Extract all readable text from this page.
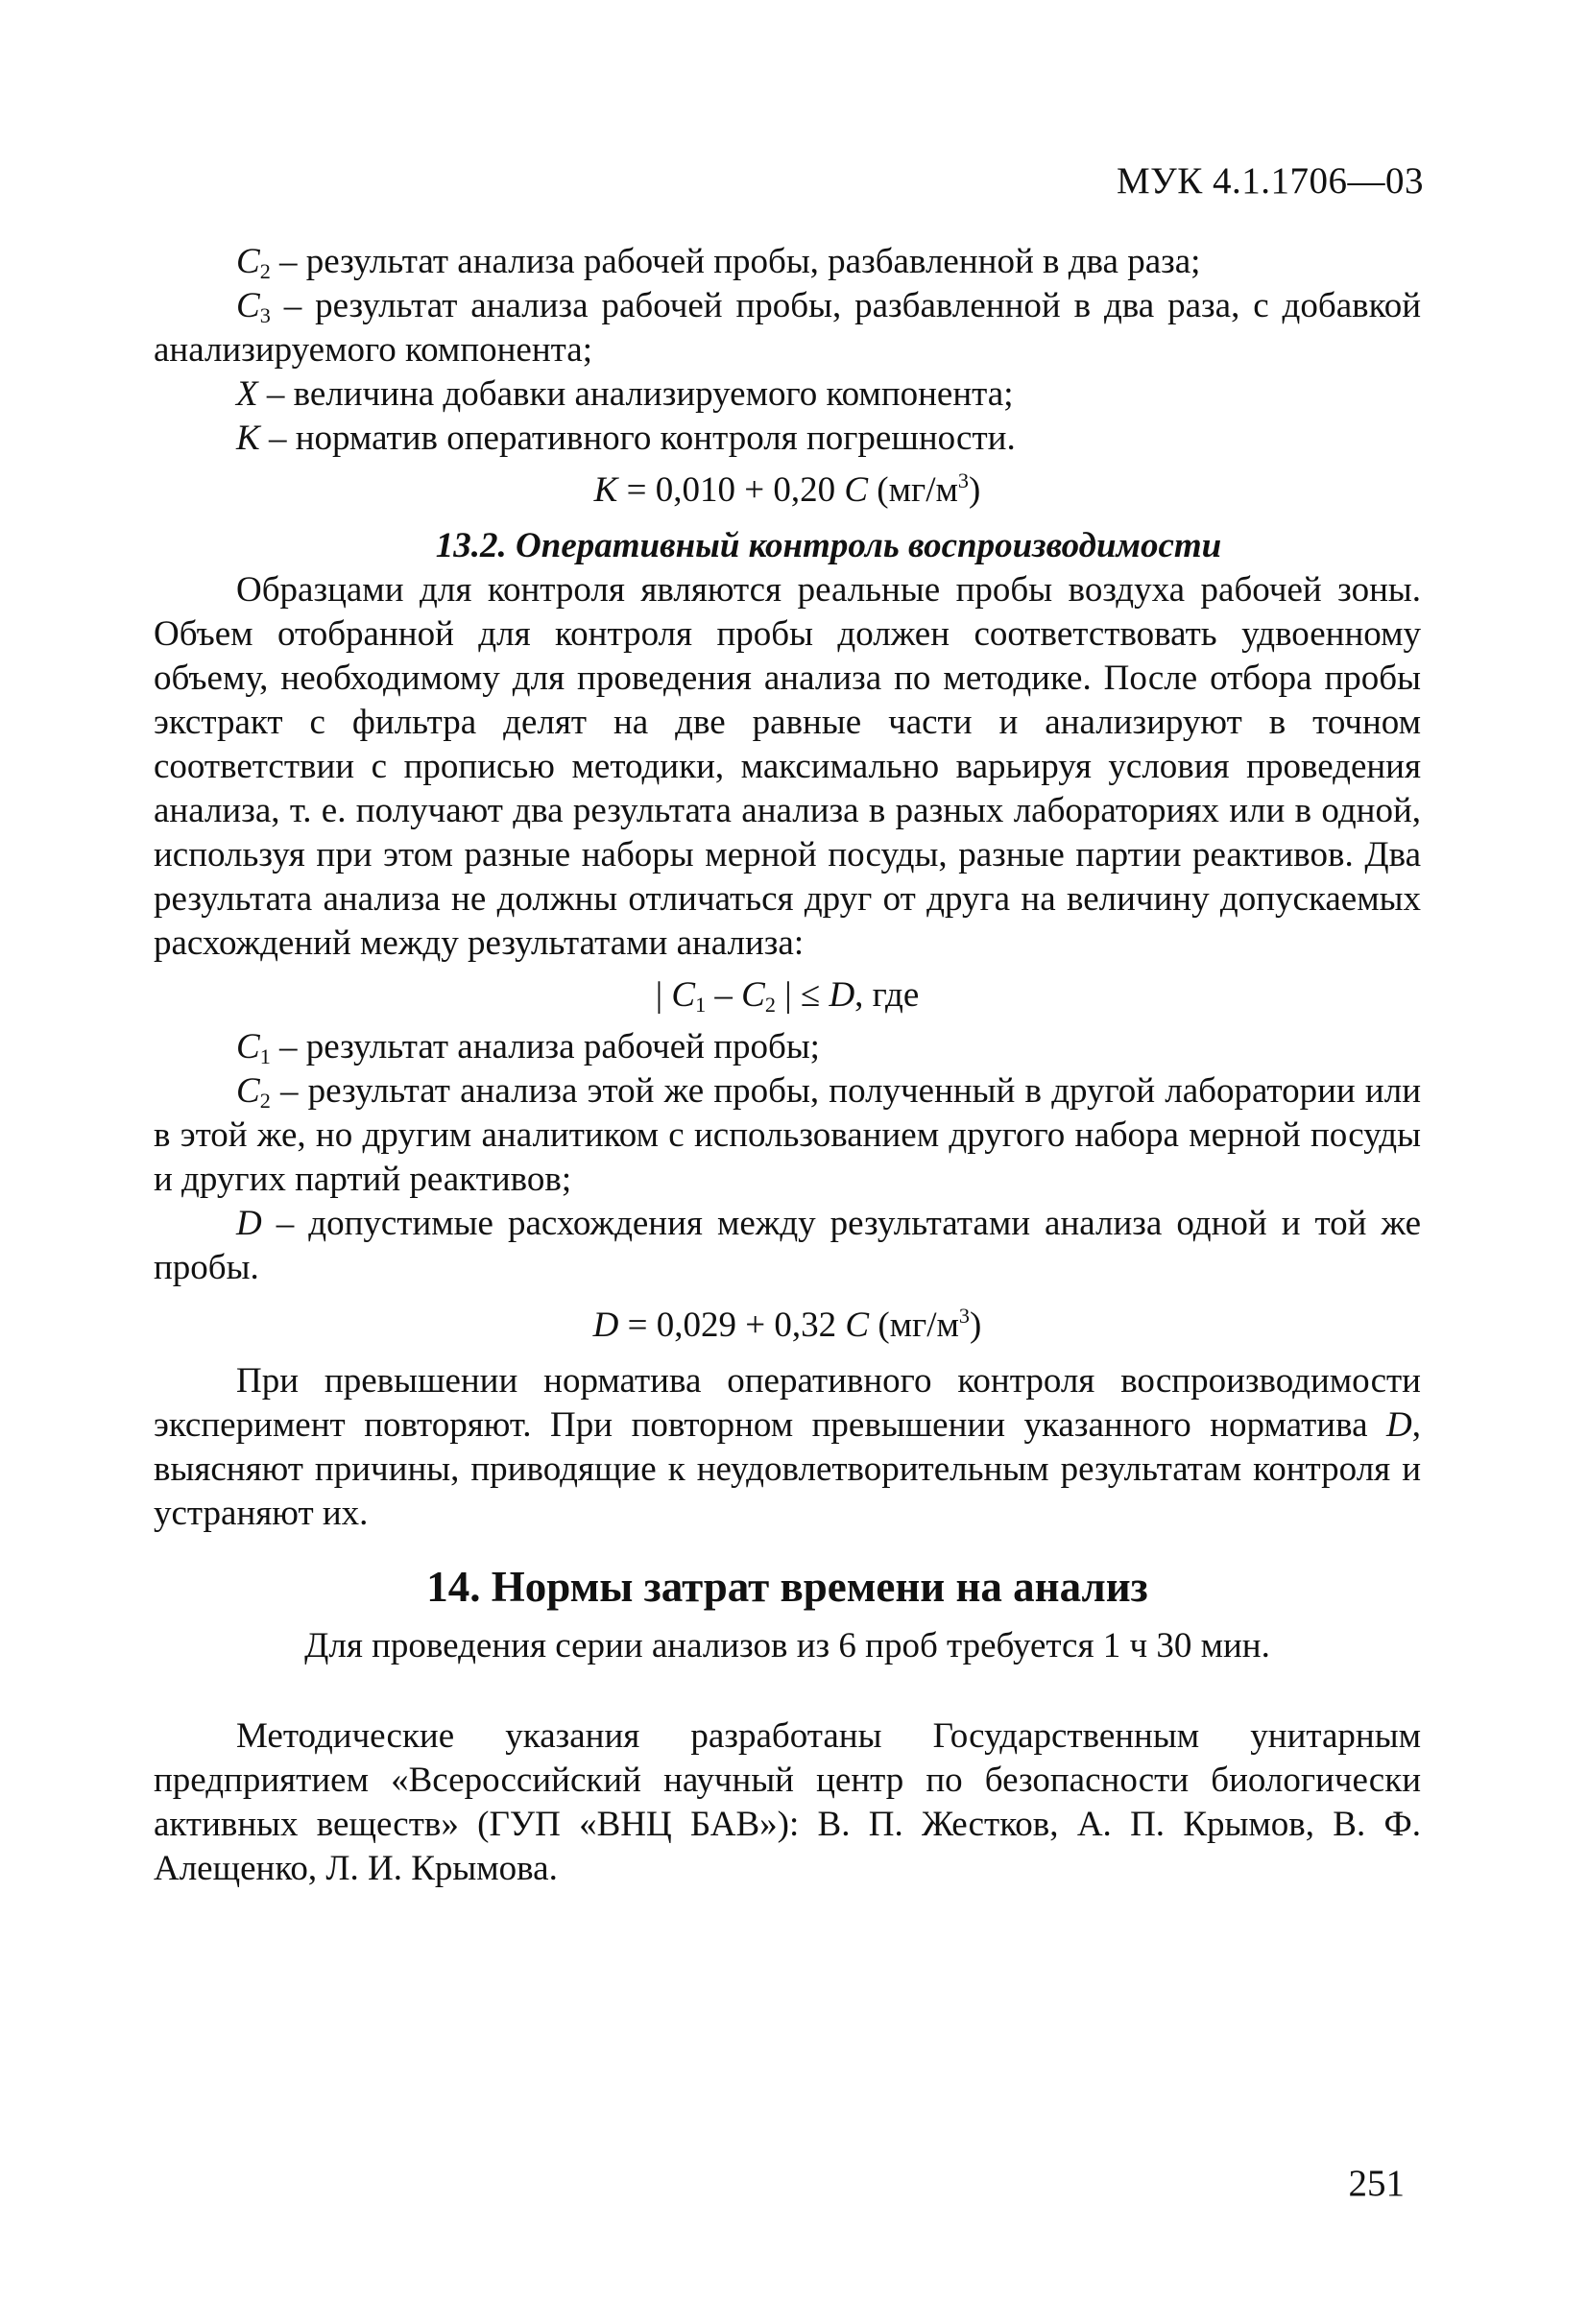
МУК 4.1.1706—03

$C_2$ – результат анализа рабочей пробы, разбавленной в два раза;

$C_3$ – результат анализа рабочей пробы, разбавленной в два раза, с добавкой анализируемого компонента;

X – величина добавки анализируемого компонента;

K – норматив оперативного контроля погрешности.

K = 0,010 + 0,20 C $(мг/м^3)$

13.2. Оперативный контроль воспроизводимости

Образцами для контроля являются реальные пробы воздуха рабочей зоны. Объем отобранной для контроля пробы должен соответствовать удвоенному объему, необходимому для проведения анализа по методике. После отбора пробы экстракт с фильтра делят на две равные части и анализируют в точном соответствии с прописью методики, максимально варьируя условия проведения анализа, т. е. получают два результата анализа в разных лабораториях или в одной, используя при этом разные наборы мерной посуды, разные партии реактивов. Два результата анализа не должны отличаться друг от друга на величину допускаемых расхождений между результатами анализа:

| $C_1 - C_2$ | ≤ D, где

$C_1$ – результат анализа рабочей пробы;

$C_2$ – результат анализа этой же пробы, полученный в другой лаборатории или в этой же, но другим аналитиком с использованием другого набора мерной посуды и других партий реактивов;

D – допустимые расхождения между результатами анализа одной и той же пробы.

D = 0,029 + 0,32 C $(мг/м^3)$

При превышении норматива оперативного контроля воспроизводимости эксперимент повторяют. При повторном превышении указанного норматива D, выясняют причины, приводящие к неудовлетворительным результатам контроля и устраняют их.

14. Нормы затрат времени на анализ

Для проведения серии анализов из 6 проб требуется 1 ч 30 мин.

Методические указания разработаны Государственным унитарным предприятием «Всероссийский научный центр по безопасности биологически активных веществ» (ГУП «ВНЦ БАВ»): В. П. Жестков, А. П. Крымов, В. Ф. Алещенко, Л. И. Крымова.

251
